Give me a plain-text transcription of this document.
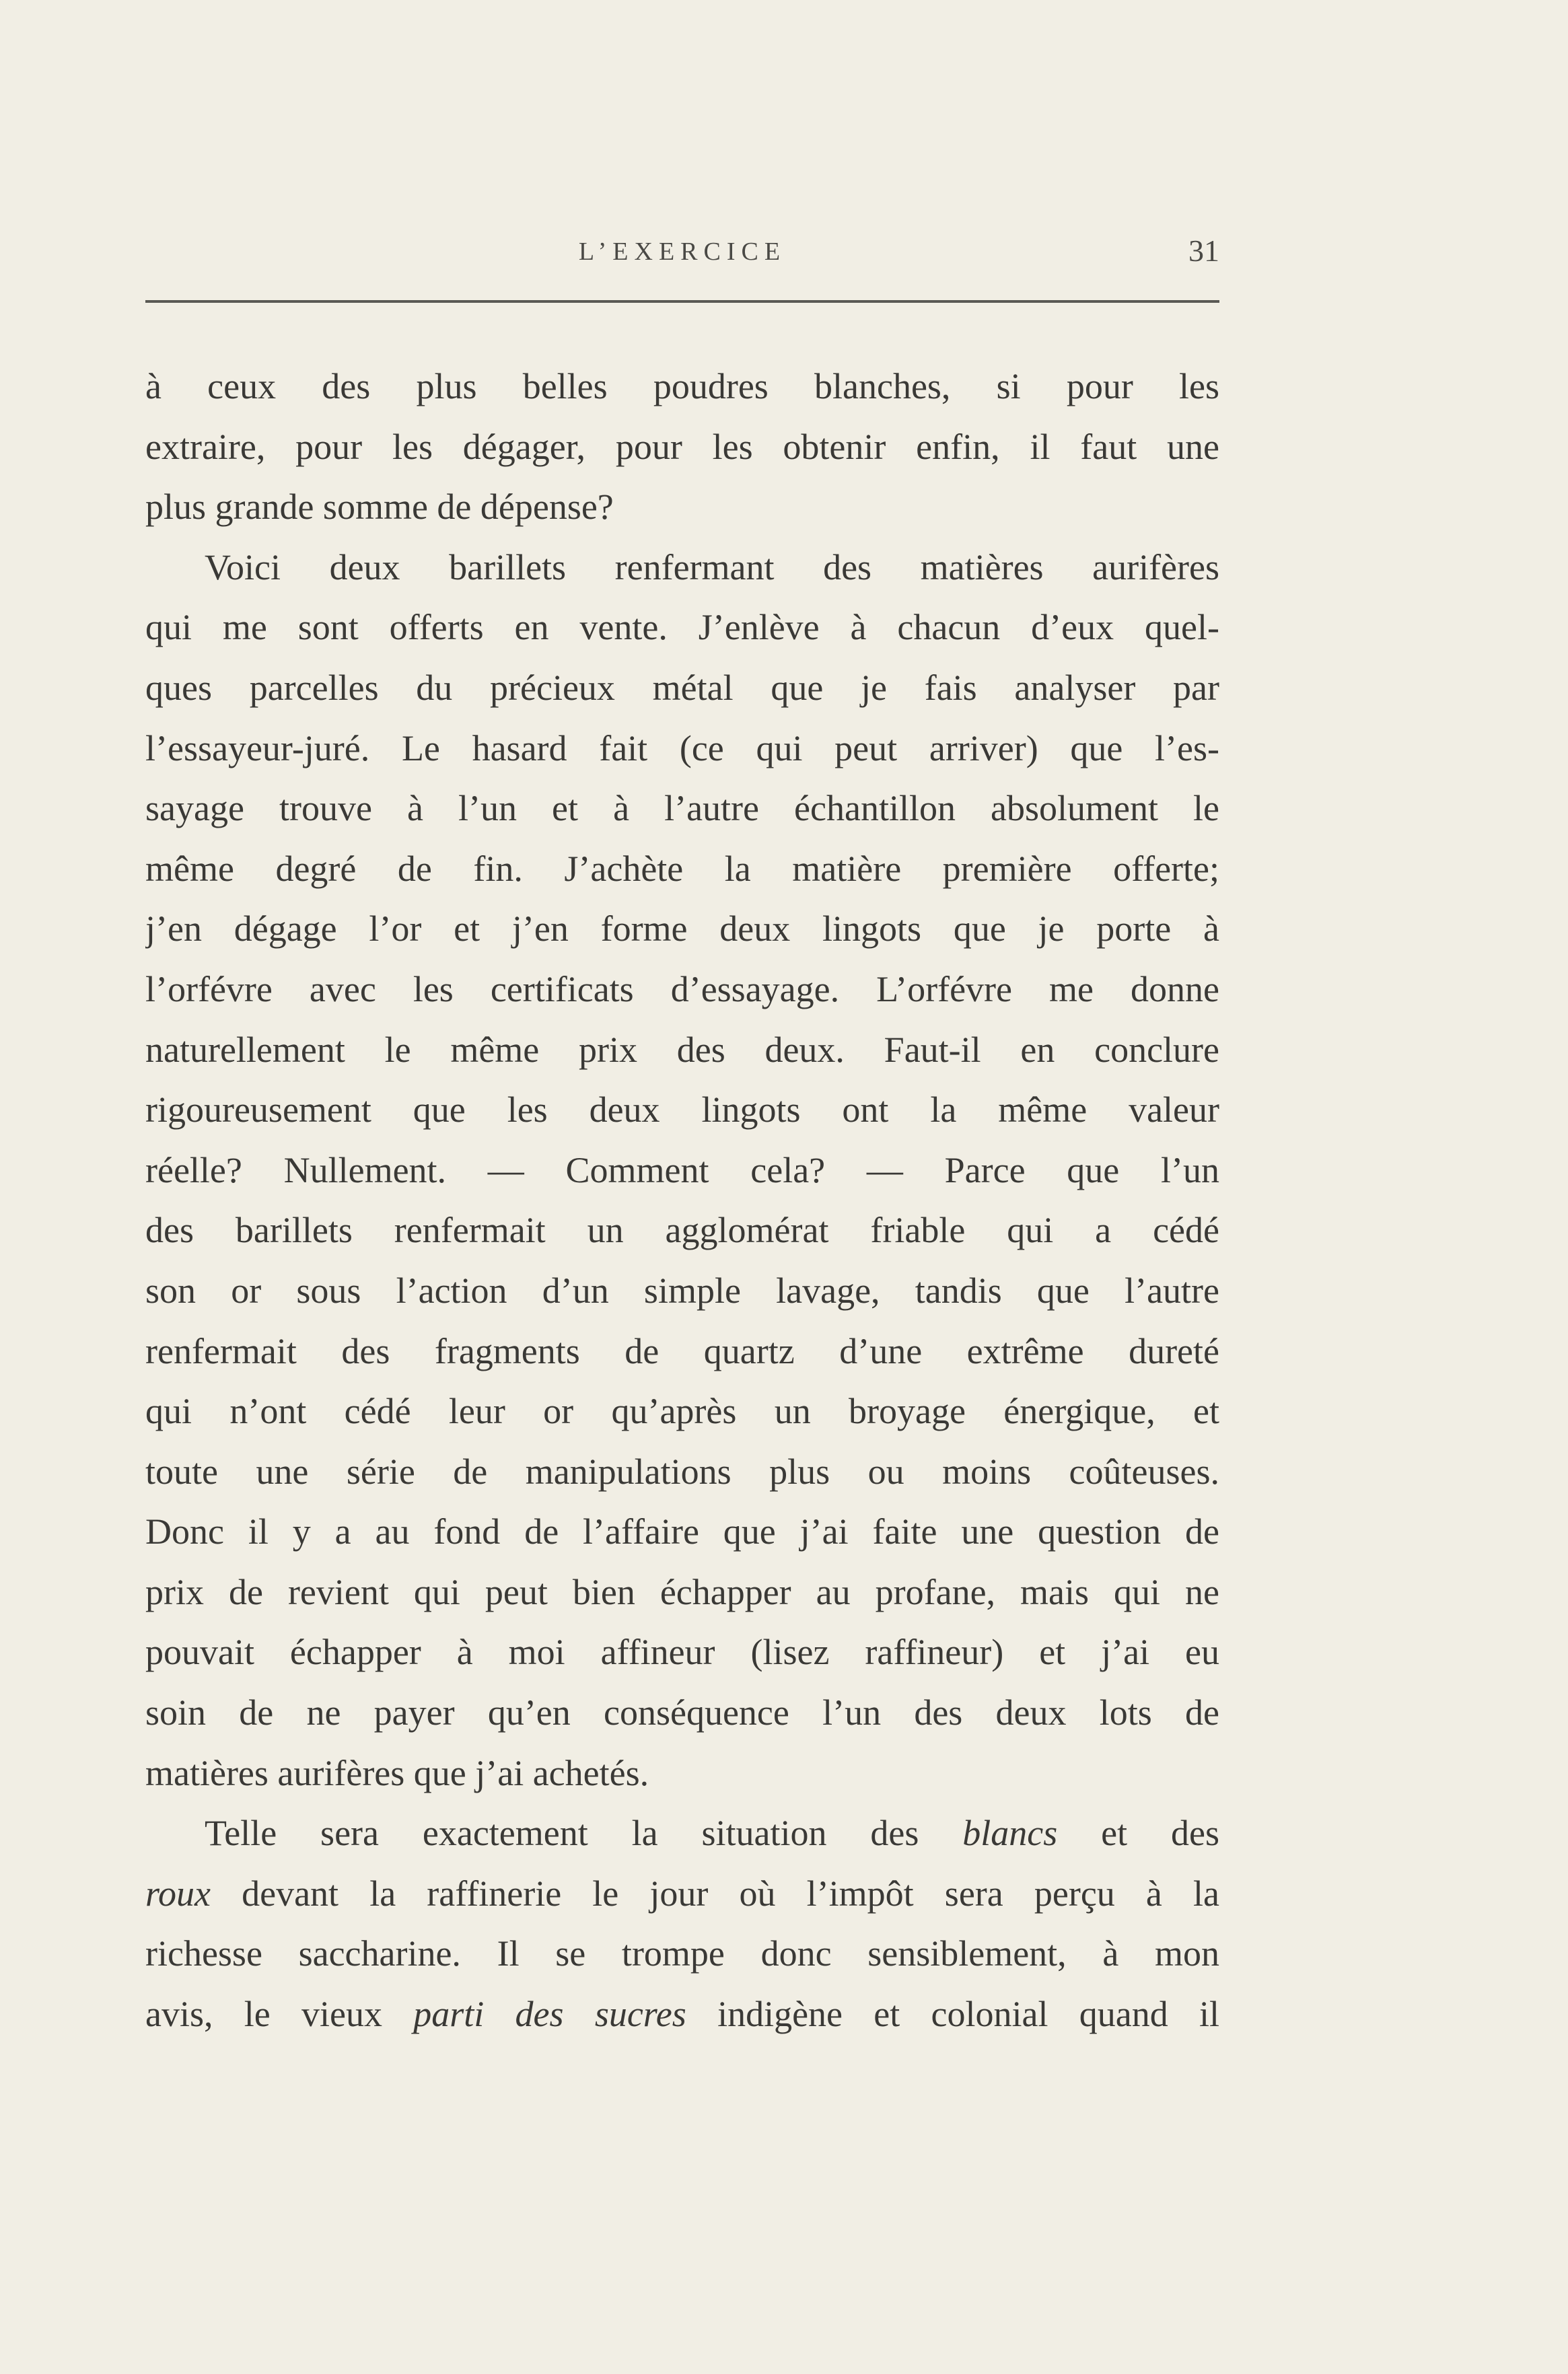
L’EXERCICE	31
à ceux des plus belles poudres blanches, si pour les
extraire, pour les dégager, pour les obtenir enfin, il faut une
plus grande somme de dépense?
Voici deux barillets renfermant des matières aurifères
qui me sont offerts en vente. J’enlève à chacun d’eux quel-
ques parcelles du précieux métal que je fais analyser par
l’essayeur-juré. Le hasard fait (ce qui peut arriver) que l’es-
sayage trouve à l’un et à l’autre échantillon absolument le
même degré de fin. J’achète la matière première offerte;
j’en dégage l’or et j’en forme deux lingots que je porte à
l’orfévre avec les certificats d’essayage. L’orfévre me donne
naturellement le même prix des deux. Faut-il en conclure
rigoureusement que les deux lingots ont la même valeur
réelle? Nullement. — Comment cela? — Parce que l’un
des barillets renfermait un agglomérat friable qui a cédé
son or sous l’action d’un simple lavage, tandis que l’autre
renfermait des fragments de quartz d’une extrême dureté
qui n’ont cédé leur or qu’après un broyage énergique, et
toute une série de manipulations plus ou moins coûteuses.
Donc il y a au fond de l’affaire que j’ai faite une question de
prix de revient qui peut bien échapper au profane, mais qui ne
pouvait échapper à moi affineur (lisez raffineur) et j’ai eu
soin de ne payer qu’en conséquence l’un des deux lots de
matières aurifères que j’ai achetés.
Telle sera exactement la situation des blancs et des
roux devant la raffinerie le jour où l’impôt sera perçu à la
richesse saccharine. Il se trompe donc sensiblement, à mon
avis, le vieux parti des sucres indigène et colonial quand il
